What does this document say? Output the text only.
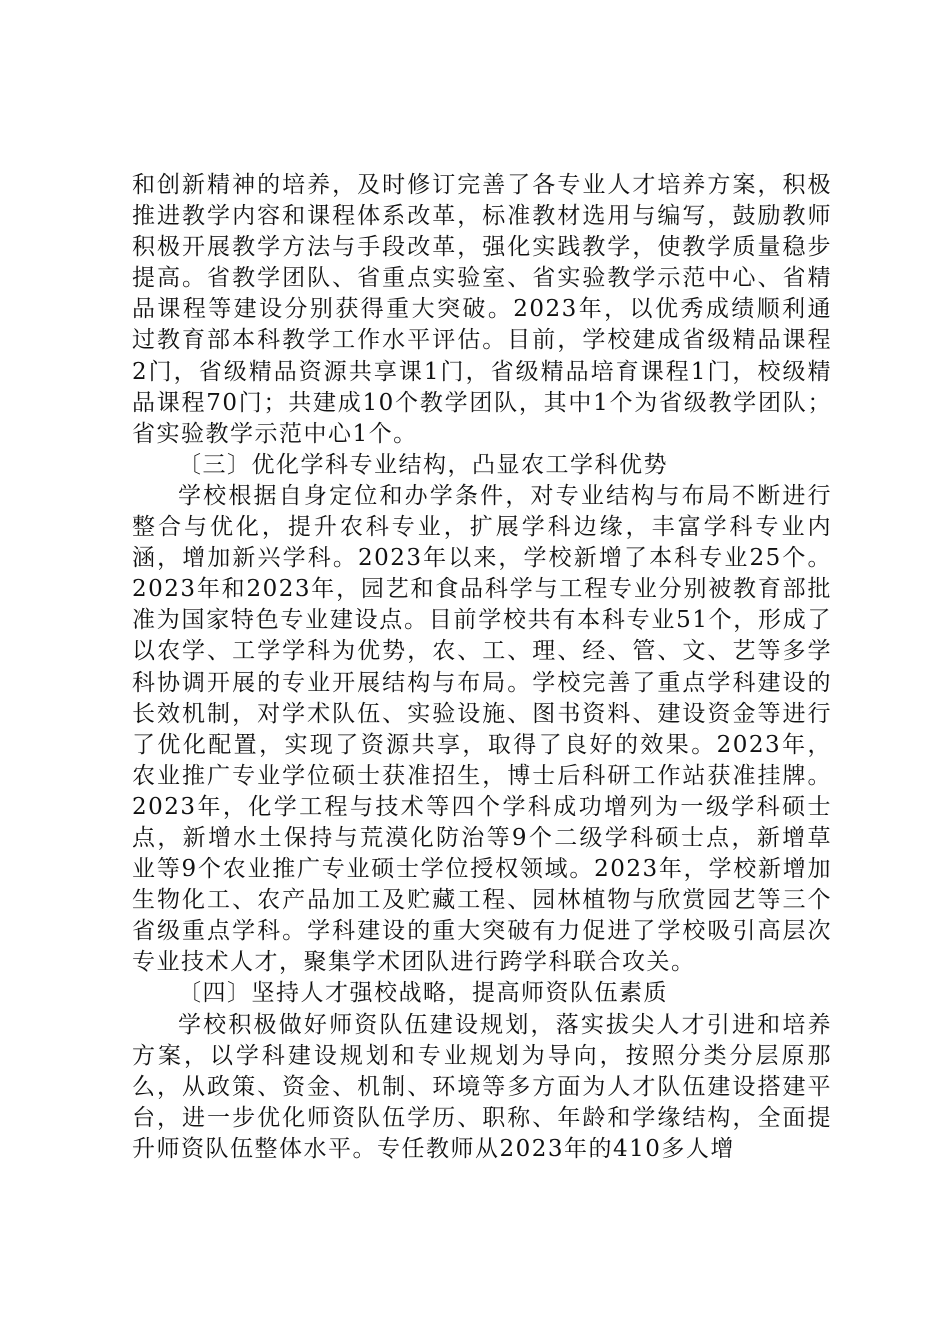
和创新精神的培养，及时修订完善了各专业人才培养方案，积极推进教学内容和课程体系改革，标准教材选用与编写，鼓励教师积极开展教学方法与手段改革，强化实践教学，使教学质量稳步提高。省教学团队、省重点实验室、省实验教学示范中心、省精品课程等建设分别获得重大突破。2023年，以优秀成绩顺利通过教育部本科教学工作水平评估。目前，学校建成省级精品课程2门，省级精品资源共享课1门，省级精品培育课程1门，校级精品课程70门；共建成10个教学团队，其中1个为省级教学团队；省实验教学示范中心1个。

〔三〕优化学科专业结构，凸显农工学科优势

学校根据自身定位和办学条件，对专业结构与布局不断进行整合与优化，提升农科专业，扩展学科边缘，丰富学科专业内涵，增加新兴学科。2023年以来，学校新增了本科专业25个。2023年和2023年，园艺和食品科学与工程专业分别被教育部批准为国家特色专业建设点。目前学校共有本科专业51个，形成了以农学、工学学科为优势，农、工、理、经、管、文、艺等多学科协调开展的专业开展结构与布局。学校完善了重点学科建设的长效机制，对学术队伍、实验设施、图书资料、建设资金等进行了优化配置，实现了资源共享，取得了良好的效果。2023年，农业推广专业学位硕士获准招生，博士后科研工作站获准挂牌。2023年，化学工程与技术等四个学科成功增列为一级学科硕士点，新增水土保持与荒漠化防治等9个二级学科硕士点，新增草业等9个农业推广专业硕士学位授权领域。2023年，学校新增加生物化工、农产品加工及贮藏工程、园林植物与欣赏园艺等三个省级重点学科。学科建设的重大突破有力促进了学校吸引高层次专业技术人才，聚集学术团队进行跨学科联合攻关。

〔四〕坚持人才强校战略，提高师资队伍素质

学校积极做好师资队伍建设规划，落实拔尖人才引进和培养方案，以学科建设规划和专业规划为导向，按照分类分层原那么，从政策、资金、机制、环境等多方面为人才队伍建设搭建平台，进一步优化师资队伍学历、职称、年龄和学缘结构，全面提升师资队伍整体水平。专任教师从2023年的410多人增
